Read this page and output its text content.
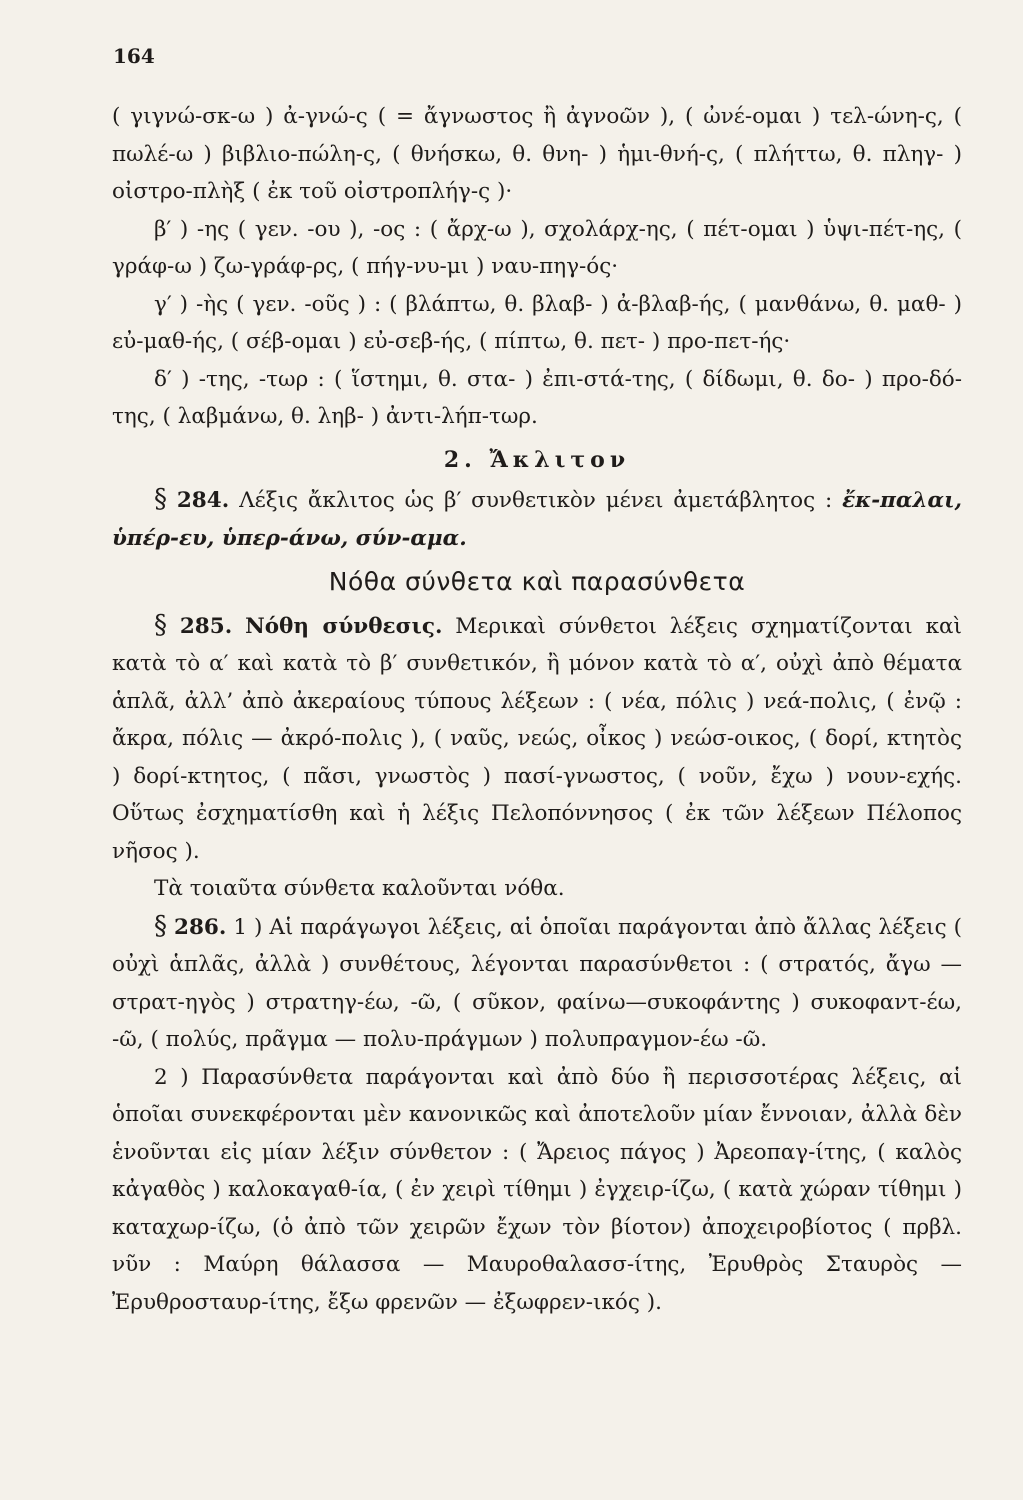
164

( γιγνώ-σκ-ω ) ἀ-γνώ-ς ( = ἄγνωστος ἢ ἀγνοῶν ), ( ὠνέ-ομαι ) τελ-ώνη-ς, ( πωλέ-ω ) βιβλιο-πώλη-ς, ( θνήσκω, θ. θνη- ) ἡμι-θνή-ς, ( πλήττω, θ. πληγ- ) οἰστρο-πλὴξ ( ἐκ τοῦ οἰστροπλήγ-ς )·

β′ ) -ης ( γεν. -ου ), -ος : ( ἄρχ-ω ), σχολάρχ-ης, ( πέτ-ομαι ) ὑψι-πέτ-ης, ( γράφ-ω ) ζω-γράφ-ρς, ( πήγ-νυ-μι ) ναυ-πηγ-ός·

γ′ ) -ὴς ( γεν. -οῦς ) : ( βλάπτω, θ. βλαβ- ) ἀ-βλαβ-ής, ( μανθάνω, θ. μαθ- ) εὐ-μαθ-ής, ( σέβ-ομαι ) εὐ-σεβ-ής, ( πίπτω, θ. πετ- ) προ-πετ-ής·

δ′ ) -της, -τωρ : ( ἵστημι, θ. στα- ) ἐπι-στά-της, ( δίδωμι, θ. δο- ) προ-δό-της, ( λαβμάνω, θ. ληβ- ) ἀντι-λήπ-τωρ.

2. Ἄκλιτον

§ 284. Λέξις ἄκλιτος ὡς β′ συνθετικὸν μένει ἀμετάβλητος : ἔκ-παλαι, ὑπέρ-ευ, ὑπερ-άνω, σύν-αμα.

Νόθα σύνθετα καὶ παρασύνθετα

§ 285. Νόθη σύνθεσις. Μερικαὶ σύνθετοι λέξεις σχηματίζονται καὶ κατὰ τὸ α′ καὶ κατὰ τὸ β′ συνθετικόν, ἢ μόνον κατὰ τὸ α′, οὐχὶ ἀπὸ θέματα ἁπλᾶ, ἀλλ’ ἀπὸ ἀκεραίους τύπους λέξεων : ( νέα, πόλις ) νεά-πολις, ( ἐνῷ : ἄκρα, πόλις — ἀκρό-πολις ), ( ναῦς, νεώς, οἶκος ) νεώσ-οικος, ( δορί, κτητὸς ) δορί-κτητος, ( πᾶσι, γνωστὸς ) πασί-γνωστος, ( νοῦν, ἔχω ) νουν-εχής. Οὕτως ἐσχηματίσθη καὶ ἡ λέξις Πελοπόννησος ( ἐκ τῶν λέξεων Πέλοπος νῆσος ).

Τὰ τοιαῦτα σύνθετα καλοῦνται νόθα.

§ 286. 1 ) Αἱ παράγωγοι λέξεις, αἱ ὁποῖαι παράγονται ἀπὸ ἄλλας λέξεις ( οὐχὶ ἁπλᾶς, ἀλλὰ ) συνθέτους, λέγονται παρασύνθετοι : ( στρατός, ἄγω — στρατ-ηγὸς ) στρατηγ-έω, -ῶ, ( σῦκον, φαίνω—συκοφάντης ) συκοφαντ-έω, -ῶ, ( πολύς, πρᾶγμα — πολυ-πράγμων ) πολυπραγμον-έω -ῶ.

2 ) Παρασύνθετα παράγονται καὶ ἀπὸ δύο ἢ περισσοτέρας λέξεις, αἱ ὁποῖαι συνεκφέρονται μὲν κανονικῶς καὶ ἀποτελοῦν μίαν ἔννοιαν, ἀλλὰ δὲν ἑνοῦνται εἰς μίαν λέξιν σύνθετον : ( Ἄρειος πάγος ) Ἀρεοπαγ-ίτης, ( καλὸς κἀγαθὸς ) καλοκαγαθ-ία, ( ἐν χειρὶ τίθημι ) ἐγχειρ-ίζω, ( κατὰ χώραν τίθημι ) καταχωρ-ίζω, (ὁ ἀπὸ τῶν χειρῶν ἔχων τὸν βίοτον) ἀποχειροβίοτος ( πρβλ. νῦν : Μαύρη θάλασσα — Μαυροθαλασσ-ίτης, Ἐρυθρὸς Σταυρὸς —Ἐρυθροσταυρ-ίτης, ἔξω φρενῶν — ἐξωφρεν-ικός ).
